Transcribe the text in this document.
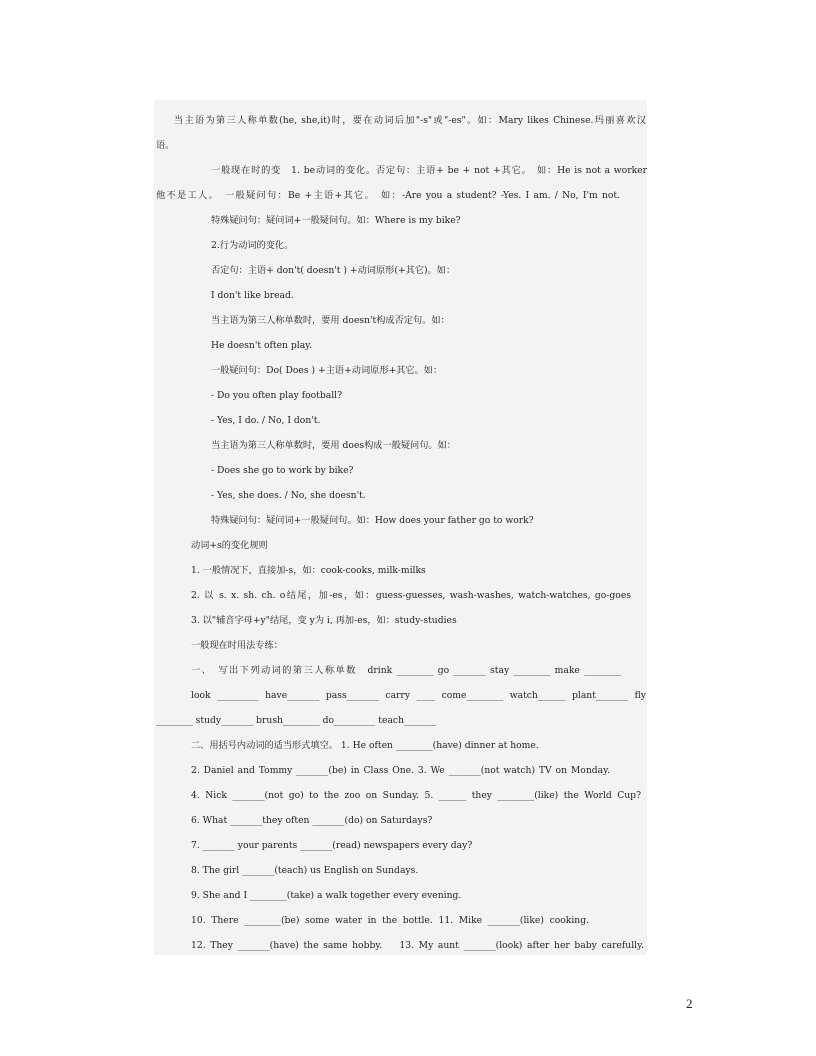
当主语为第三人称单数(he, she,it)时，要在动词后加"-s"或"-es"。如：Mary likes Chinese.玛丽喜欢汉
语。
一般现在时的变　1. be动词的变化。否定句：主语+ be + not +其它。　如：He is not a worker
他不是工人。　一般疑问句：Be +主语+其它。　如：-Are you a student? -Yes. I am. / No, I'm not.
特殊疑问句：疑问词+一般疑问句。如：Where is my bike?
2.行为动词的变化。
否定句：主语+ don't( doesn't ) +动词原形(+其它)。如：
I don't like bread.
当主语为第三人称单数时，要用 doesn't构成否定句。如：
He doesn't often play.
一般疑问句：Do( Does ) +主语+动词原形+其它。如：
- Do you often play football?
- Yes, I do. / No, I don't.
当主语为第三人称单数时，要用 does构成一般疑问句。如：
- Does she go to work by bike?
- Yes, she does. / No, she doesn't.
特殊疑问句：疑问词+一般疑问句。如：How does your father go to work?
动词+s的变化规则
1. 一般情况下，直接加-s，如：cook-cooks, milk-milks
2. 以 s. x. sh. ch. o结尾，加-es，如：guess-guesses, wash-washes, watch-watches, go-goes
3. 以"辅音字母+y"结尾，变 y为 i, 再加-es，如：study-studies
一般现在时用法专练：
一、　写出下列动词的第三人称单数　drink ________ go _______ stay ________ make ________
look _________ have_______ pass_______ carry ____ come________ watch______ plant_______ fly
________ study_______ brush________ do_________ teach_______
二、用括号内动词的适当形式填空。 1. He often ________(have) dinner at home.
2. Daniel and Tommy _______(be) in Class One. 3. We _______(not watch) TV on Monday.
4. Nick _______(not go) to the zoo on Sunday. 5. ______ they ________(like) the World Cup?
6. What _______they often _______(do) on Saturdays?
7. _______ your parents _______(read) newspapers every day?
8. The girl _______(teach) us English on Sundays.
9. She and I ________(take) a walk together every evening.
10. There ________(be) some water in the bottle. 11. Mike _______(like) cooking.
12. They _______(have) the same hobby.　 13. My aunt _______(look) after her baby carefully.
2
